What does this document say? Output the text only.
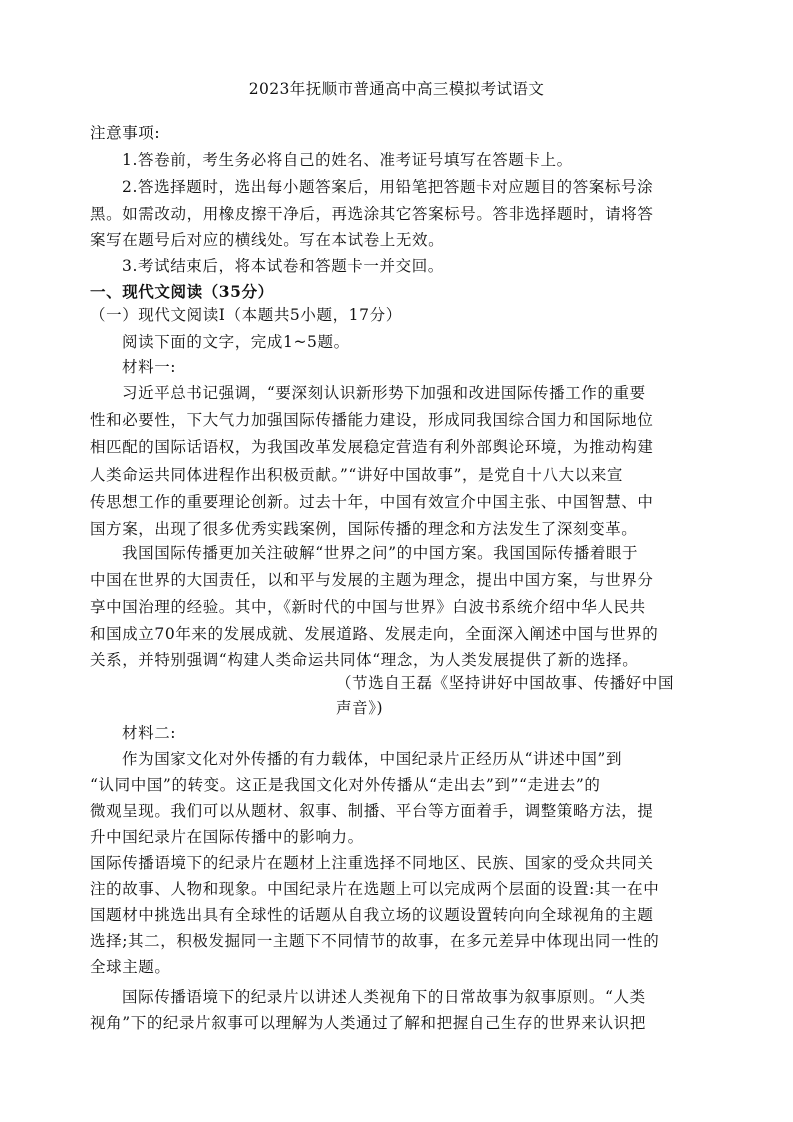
2023年抚顺市普通高中高三模拟考试语文
注意事项:
1.答卷前，考生务必将自己的姓名、准考证号填写在答题卡上。
2.答选择题时，选出每小题答案后，用铅笔把答题卡对应题目的答案标号涂
黑。如需改动，用橡皮擦干净后，再选涂其它答案标号。答非选择题时，请将答
案写在题号后对应的横线处。写在本试卷上无效。
3.考试结束后，将本试卷和答题卡一并交回。
一、现代文阅读（35分）
（一）现代文阅读Ⅰ（本题共5小题，17分）
阅读下面的文字，完成1~5题。
材料一:
习近平总书记强调，“要深刻认识新形势下加强和改进国际传播工作的重要
性和必要性，下大气力加强国际传播能力建设，形成同我国综合国力和国际地位
相匹配的国际话语权，为我国改革发展稳定营造有利外部舆论环境，为推动构建
人类命运共同体进程作出积极贡献。”“讲好中国故事”，是党自十八大以来宣
传思想工作的重要理论创新。过去十年，中国有效宣介中国主张、中国智慧、中
国方案，出现了很多优秀实践案例，国际传播的理念和方法发生了深刻变革。
我国国际传播更加关注破解“世界之问”的中国方案。我国国际传播着眼于
中国在世界的大国责任，以和平与发展的主题为理念，提出中国方案，与世界分
享中国治理的经验。其中，《新时代的中国与世界》白波书系统介绍中华人民共
和国成立70年来的发展成就、发展道路、发展走向，全面深入阐述中国与世界的
关系，并特别强调“构建人类命运共同体“理念，为人类发展提供了新的选择。
（节选自王磊《坚持讲好中国故事、传播好中国
声音》)
材料二:
作为国家文化对外传播的有力载体，中国纪录片正经历从“讲述中国”到
“认同中国”的转变。这正是我国文化对外传播从“走出去”到”“走进去”的
微观呈现。我们可以从题材、叙事、制播、平台等方面着手，调整策略方法，提
升中国纪录片在国际传播中的影响力。
国际传播语境下的纪录片在题材上注重选择不同地区、民族、国家的受众共同关
注的故事、人物和现象。中国纪录片在选题上可以完成两个层面的设置:其一在中
国题材中挑选出具有全球性的话题从自我立场的议题设置转向向全球视角的主题
选择;其二，积极发掘同一主题下不同情节的故事，在多元差异中体现出同一性的
全球主题。
国际传播语境下的纪录片以讲述人类视角下的日常故事为叙事原则。“人类
视角”下的纪录片叙事可以理解为人类通过了解和把握自己生存的世界来认识把
